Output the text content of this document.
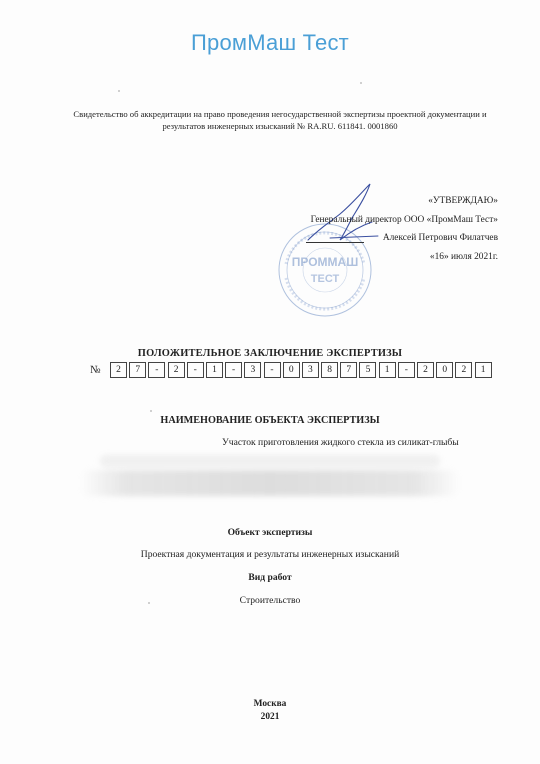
ПромМаш Тест
Свидетельство об аккредитации на право проведения негосударственной экспертизы проектной документации и результатов инженерных изысканий № RA.RU. 611841. 0001860
ПРОММАШ
ТЕСТ
«УТВЕРЖДАЮ»
Генеральный директор ООО «ПромМаш Тест»
Алексей Петрович Филатчев
«16» июля 2021г.
ПОЛОЖИТЕЛЬНОЕ ЗАКЛЮЧЕНИЕ ЭКСПЕРТИЗЫ
№	2	7	-	2	-	1	-	3	-	0	3	8	7	5	1	-	2	0	2	1
НАИМЕНОВАНИЕ ОБЪЕКТА ЭКСПЕРТИЗЫ
Участок приготовления жидкого стекла из силикат-глыбы
Объект экспертизы
Проектная документация и результаты инженерных изысканий
Вид работ
Строительство
Москва
2021
